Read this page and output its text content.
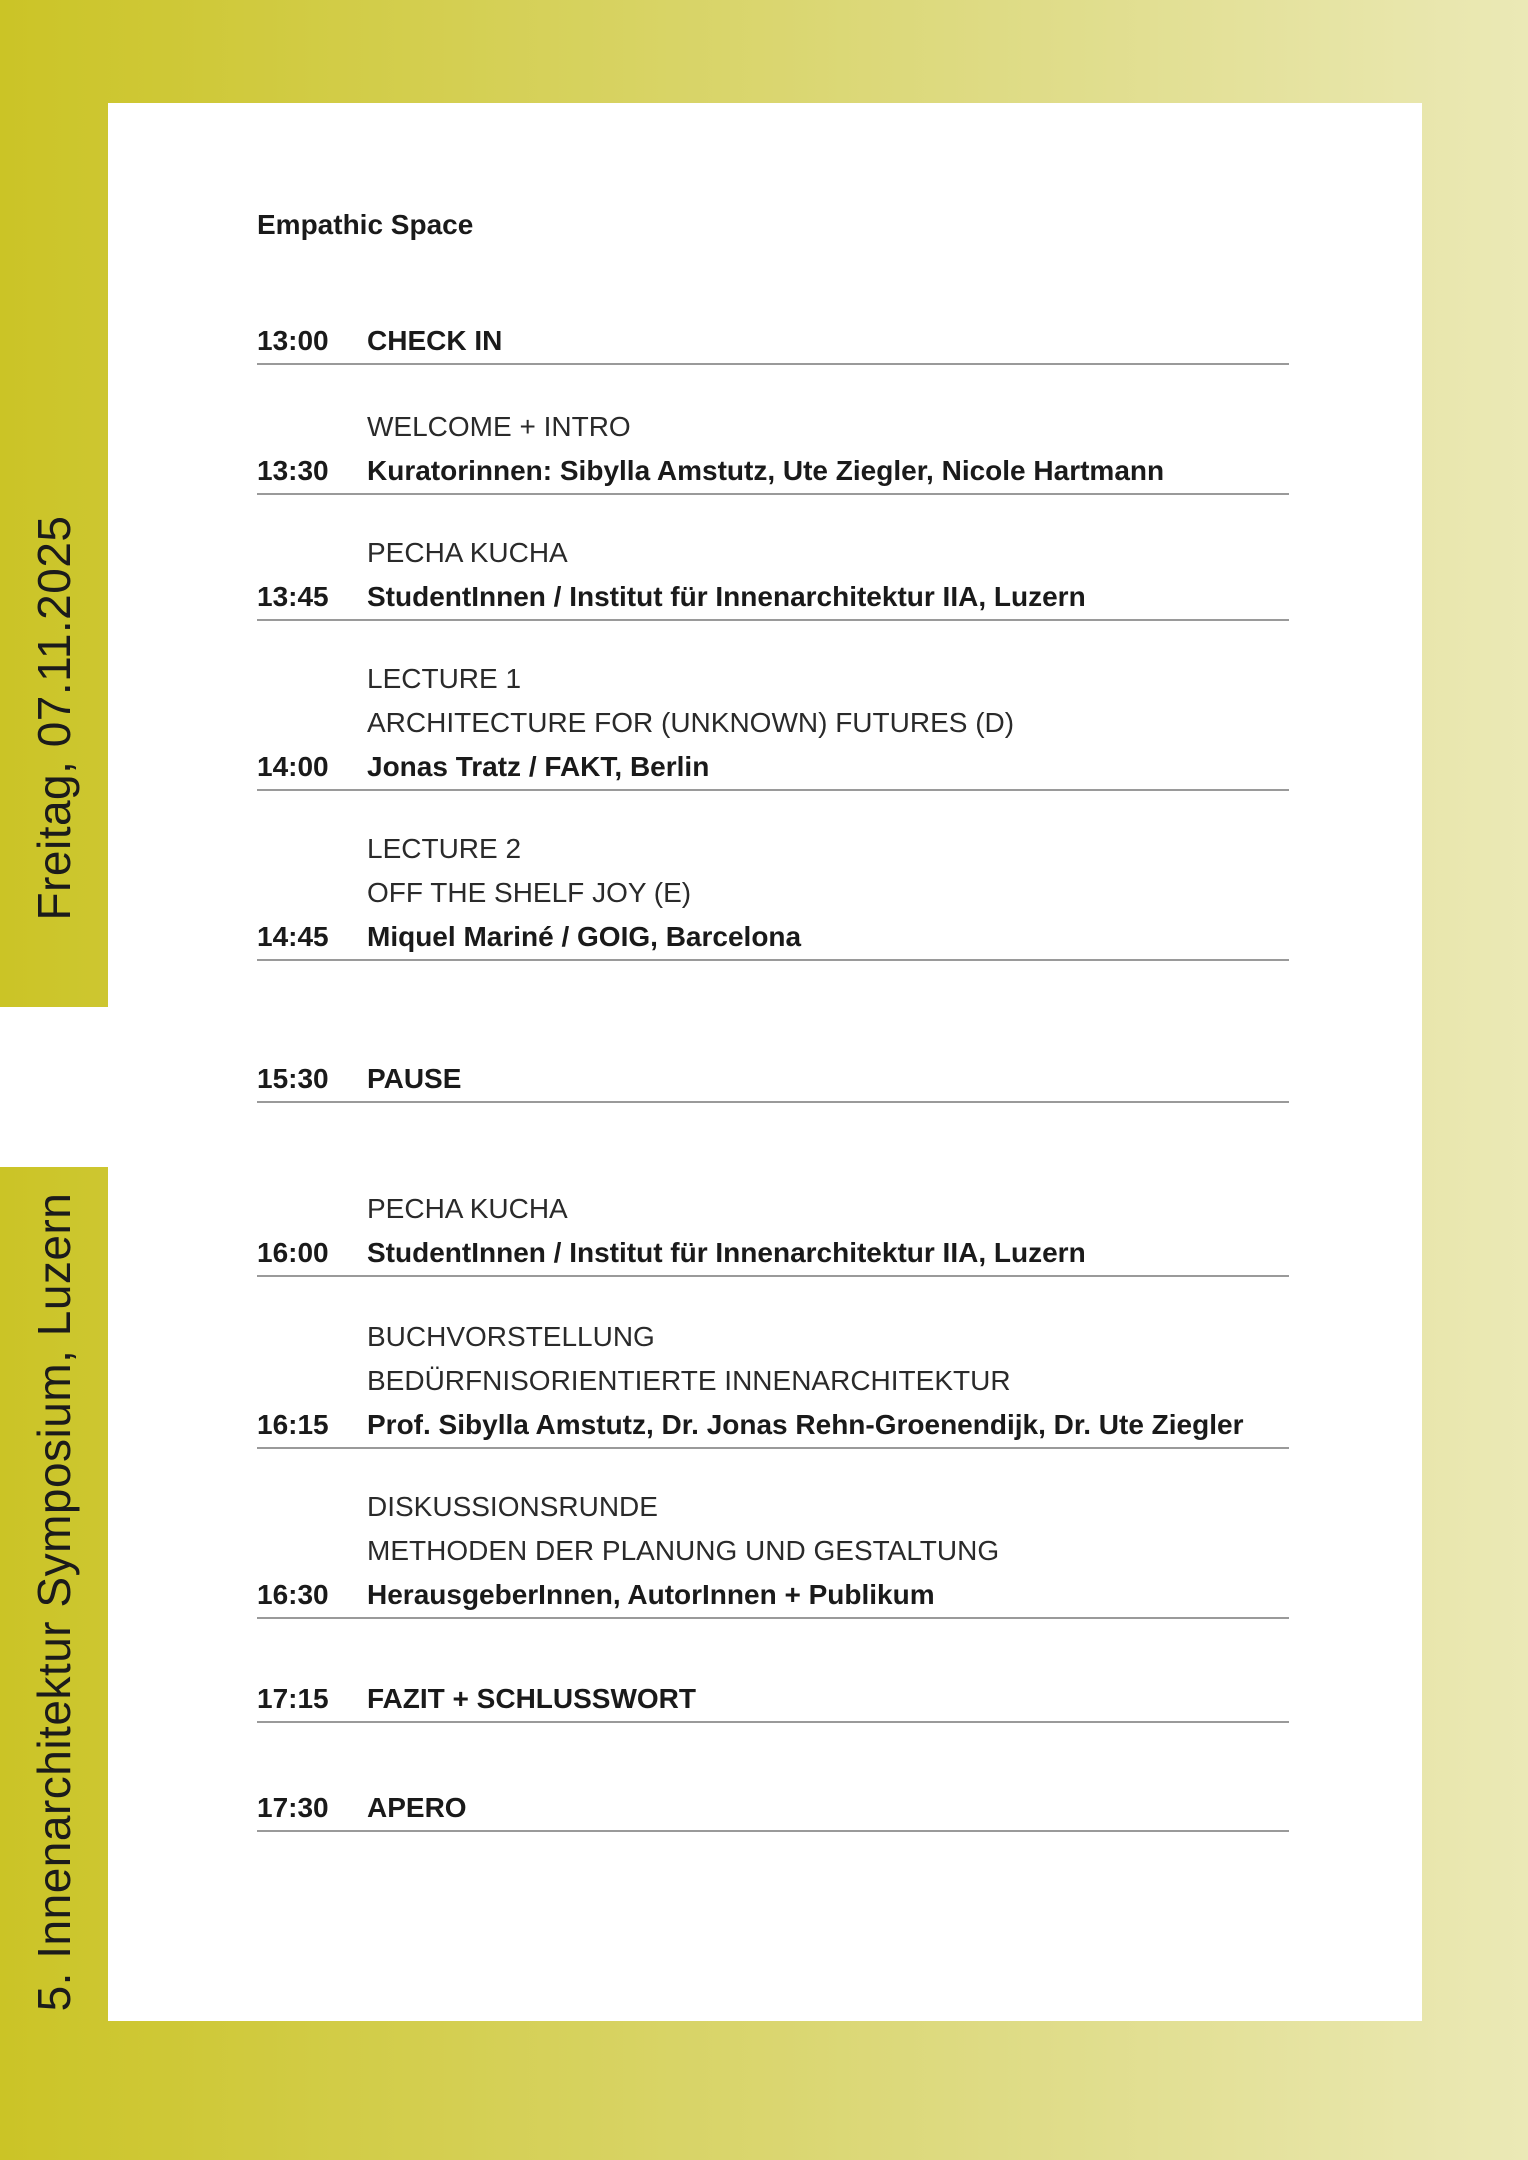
Freitag, 07.11.2025
5. Innenarchitektur Symposium, Luzern
Empathic Space
13:00 CHECK IN
WELCOME + INTRO
13:30 Kuratorinnen: Sibylla Amstutz, Ute Ziegler, Nicole Hartmann
PECHA KUCHA
13:45 StudentInnen / Institut für Innenarchitektur IIA, Luzern
LECTURE 1
ARCHITECTURE FOR (UNKNOWN) FUTURES (D)
14:00 Jonas Tratz / FAKT, Berlin
LECTURE 2
OFF THE SHELF JOY (E)
14:45 Miquel Mariné / GOIG, Barcelona
15:30 PAUSE
PECHA KUCHA
16:00 StudentInnen / Institut für Innenarchitektur IIA, Luzern
BUCHVORSTELLUNG
BEDÜRFNISORIENTIERTE INNENARCHITEKTUR
16:15 Prof. Sibylla Amstutz, Dr. Jonas Rehn-Groenendijk, Dr. Ute Ziegler
DISKUSSIONSRUNDE
METHODEN DER PLANUNG UND GESTALTUNG
16:30 HerausgeberInnen, AutorInnen + Publikum
17:15 FAZIT + SCHLUSSWORT
17:30 APERO
